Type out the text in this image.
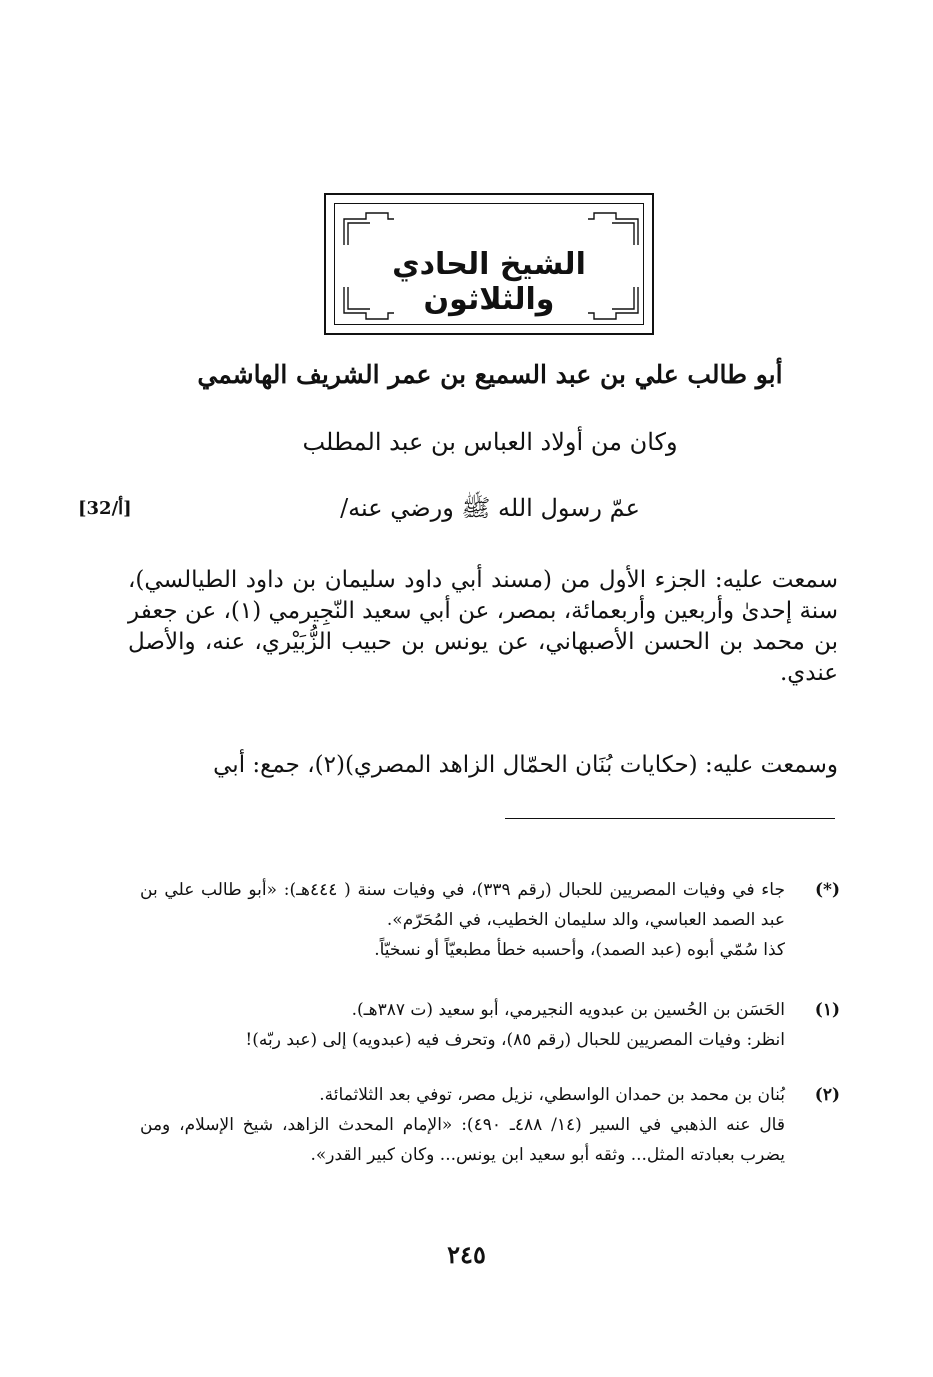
الشيخ الحادي والثلاثون
أبو طالب علي بن عبد السميع بن عمر الشريف الهاشمي
وكان من أولاد العباس بن عبد المطلب
عمّ رسول الله ﷺ ورضي عنه/
[32/أ]
سمعت عليه: الجزء الأول من (مسند أبي داود سليمان بن داود الطيالسي)، سنة إحدىٰ وأربعين وأربعمائة، بمصر، عن أبي سعيد النّجِيرمي (١)، عن جعفر بن محمد بن الحسن الأصبهاني، عن يونس بن حبيب الزُّبَيْري، عنه، والأصل عندي.
وسمعت عليه: (حكايات بُنَان الحمّال الزاهد المصري)(٢)، جمع: أبي
(*)
جاء في وفيات المصريين للحبال (رقم ٣٣٩)، في وفيات سنة ( ٤٤٤هـ): «أبو طالب علي بن عبد الصمد العباسي، والد سليمان الخطيب، في المُحَرّم».
كذا سُمّي أبوه (عبد الصمد)، وأحسبه خطأ مطبعيّاً أو نسخيّاً.
(١)
الحَسَن بن الحُسين بن عبدويه النجيرمي، أبو سعيد (ت ٣٨٧هـ).
انظر: وفيات المصريين للحبال (رقم ٨٥)، وتحرف فيه (عبدويه) إلى (عبد ربّه)!
(٢)
بُنان بن محمد بن حمدان الواسطي، نزيل مصر، توفي بعد الثلاثمائة.
قال عنه الذهبي في السير (١٤/ ٤٨٨ـ ٤٩٠): «الإمام المحدث الزاهد، شيخ الإسلام، ومن يضرب بعبادته المثل... وثقه أبو سعيد ابن يونس... وكان كبير القدر».
٢٤٥
